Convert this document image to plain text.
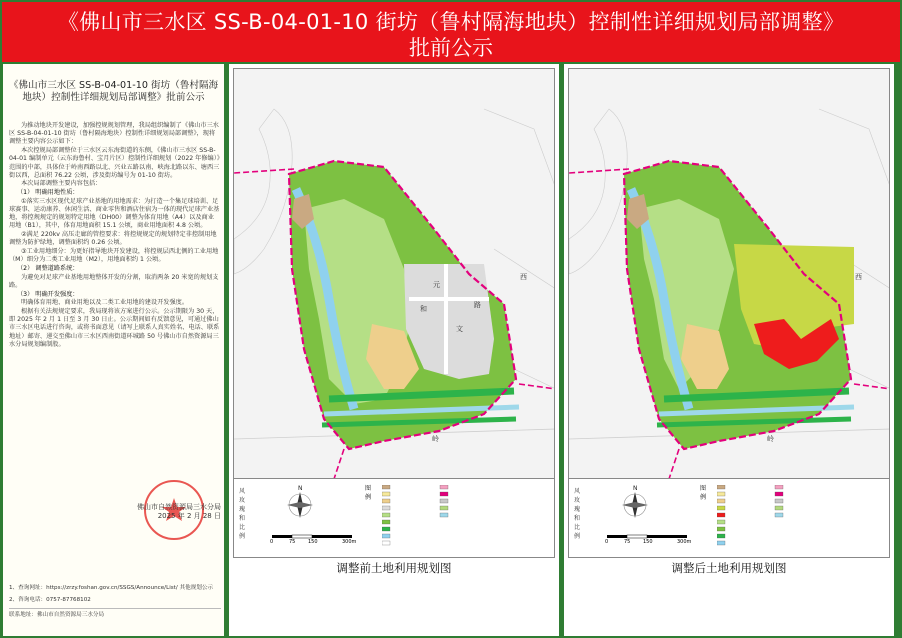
《佛山市三水区 SS-B-04-01-10 街坊（鲁村隔海地块）控制性详细规划局部调整》
批前公示
《佛山市三水区 SS-B-04-01-10 街坊（鲁村隔海地块）控制性详细规划局部调整》批前公示

为推动地块开发建设，加强控规规划管理，我局组织编制了《佛山市三水区 SS-B-04-01-10 街坊（鲁村隔海地块）控制性详细规划局部调整》，现将调整主要内容公示如下：

本次控规局部调整位于三水区云东海街道的东侧，《佛山市三水区 SS-B-04-01 编制单元（云东海鲁村、宝月片区）控制性详细规划（2022 年修编）》范围的中部，具体位于岭南西路以北、兴业五路以南、峡海北路以东、塘西三街以西，总面积 76.22 公顷，涉及街坊编号为 01-10 街坊。

本次局部调整主要内容包括：

（1） 明确用地性质：

①落实三水区现代足球产业基地的用地需求：为打造一个集足球培训、足球赛事、运动康养、休闲生活、商业零售和酒店住宿为一体的现代足球产业基地，将控规规定的规划特定用地（DH00）调整为体育用地（A4）以及商业用地（B1），其中，体育用地面积 15.1 公顷，商业用地面积 4.8 公顷。

②满足 220kv 高压走廊的管控要求：将控规规定的规划特定非控制用地调整为防护绿地，调整面积约 0.26 公顷。

③工业用地细分：为更好指导地块开发建设，将控规层西北侧的工业用地（M）细分为二类工业用地（M2），用地面积约 1 公顷。

（2） 调整道路系统：

为避免对足球产业基地用地整体开发的分割，取消两条 20 米宽的规划支路。

（3） 明确开发强度：

明确体育用地、商业用地以及二类工业用地的建设开发强度。

根据有关法规规定要求，我局现将该方案进行公示。公示期限为 30 天，即 2025 年 2 月 1 日至 3 月 30 日止。公示期间如有反馈意见，可通过佛山市三水区电话进行咨询，或将书面意见（请写上联系人真实姓名、电话、联系地址）邮寄、递交至佛山市三水区西南街道环城路 50 号佛山市自然资源局三水分局规划编制股。

佛山市自然资源局三水分局
2025 年 2 月 28 日
1、查询网址：https://zrzy.foshan.gov.cn/SSGS/Announce/List/ 其他规划公示
2、咨询电话：0757-87768102
联系地址：佛山市自然资源局三水分局
元
和	路
文
西
岭
风玫瑰和比例
N
0	75	150	300m
图例
调整前土地利用规划图
西
岭
风玫瑰和比例
N
0	75	150	300m
图例
调整后土地利用规划图
